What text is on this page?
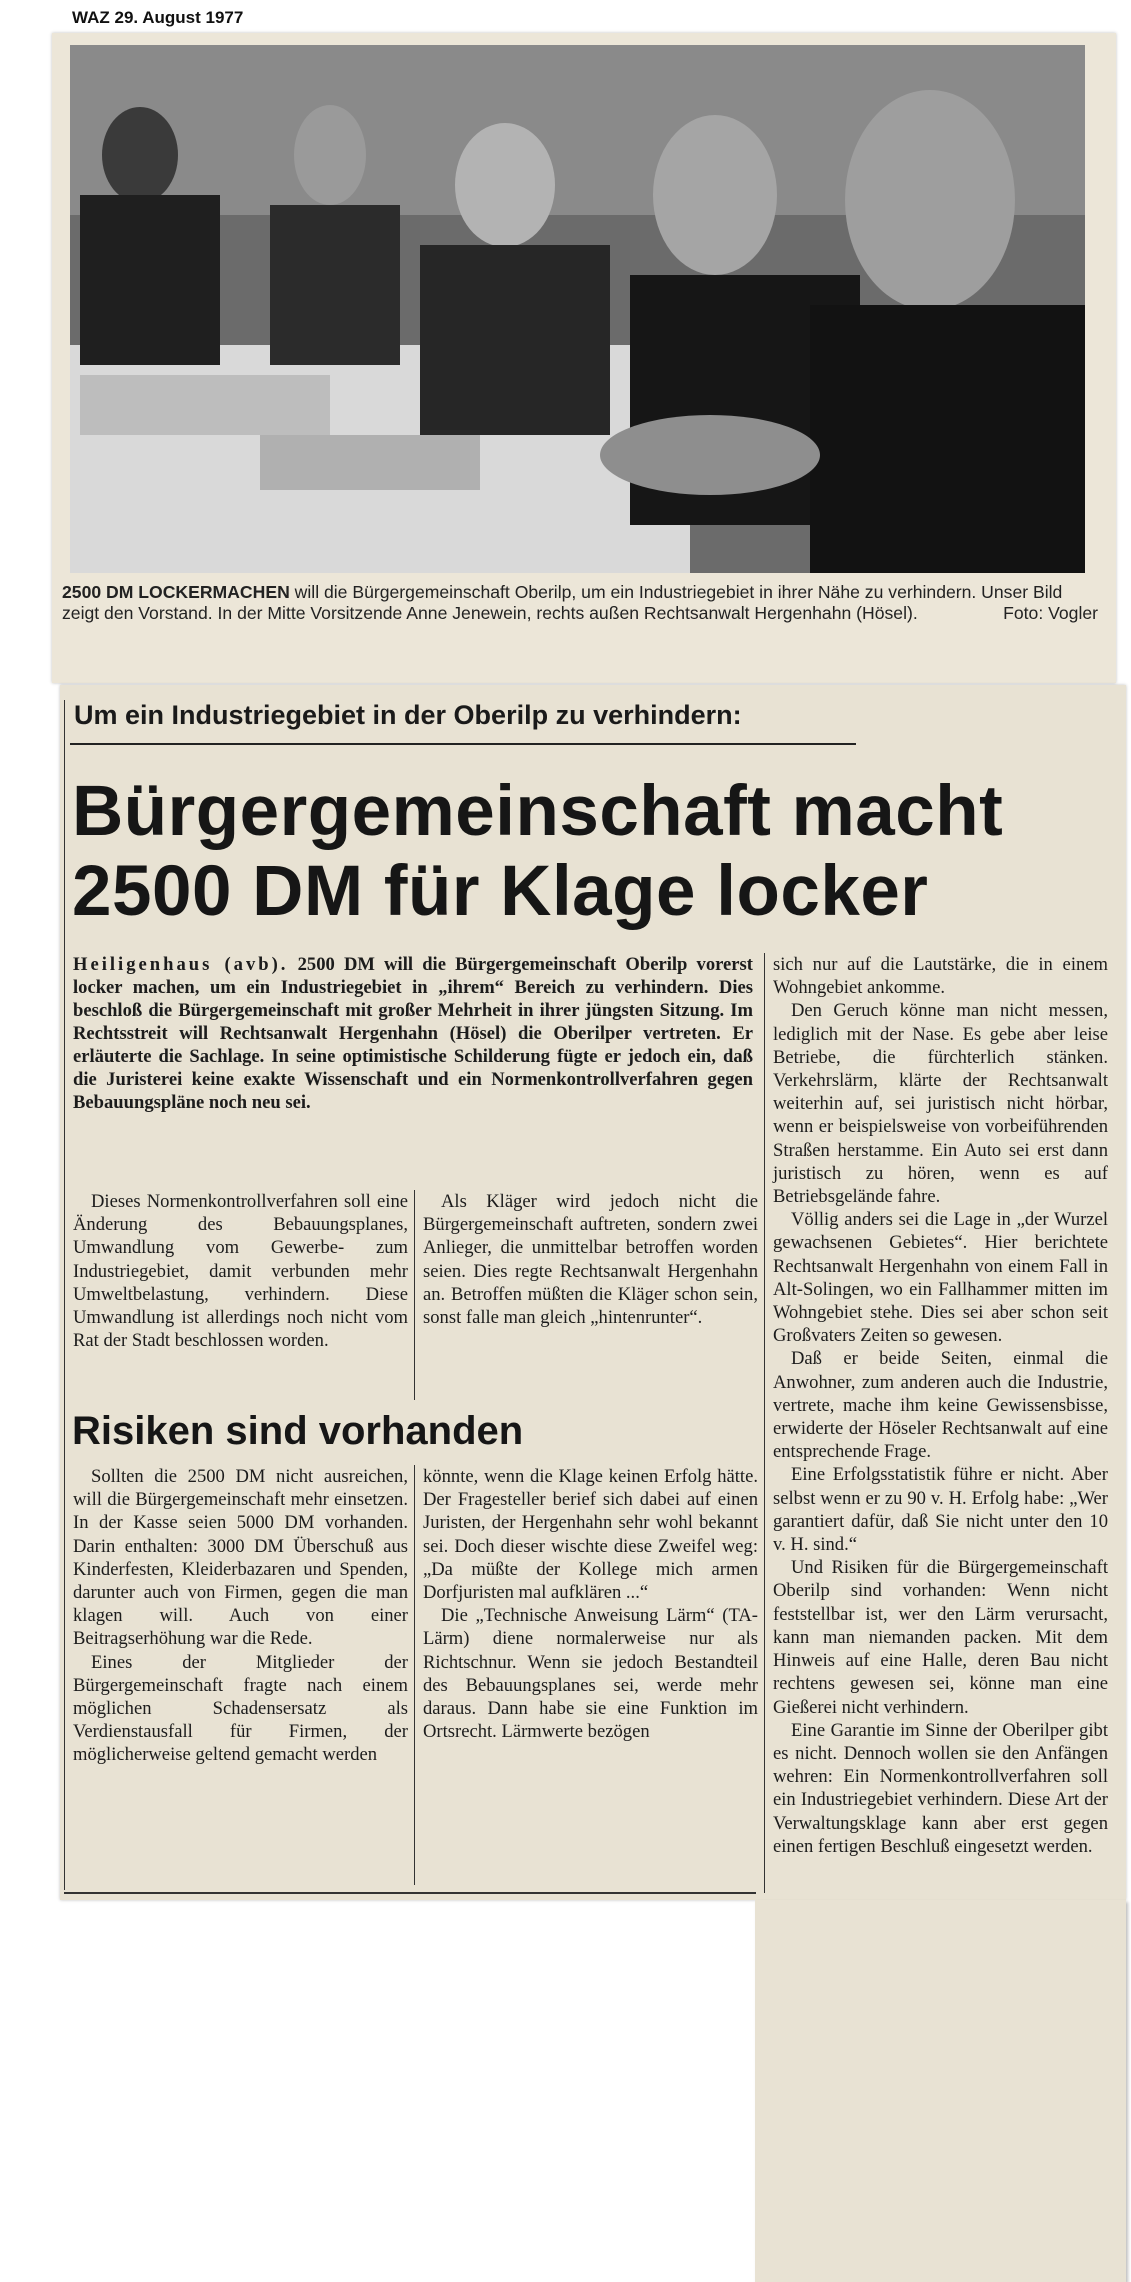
WAZ 29. August 1977
2500 DM LOCKERMACHEN will die Bürgergemeinschaft Oberilp, um ein Industriegebiet in ihrer Nähe zu verhindern. Unser Bild zeigt den Vorstand. In der Mitte Vorsitzende Anne Jenewein, rechts außen Rechtsanwalt Hergenhahn (Hösel).	Foto: Vogler
Um ein Industriegebiet in der Oberilp zu verhindern:
Bürgergemeinschaft macht
2500 DM für Klage locker
Heiligenhaus (avb). 2500 DM will die Bürgergemeinschaft Oberilp vorerst locker machen, um ein Industriegebiet in „ihrem“ Bereich zu verhindern. Dies beschloß die Bürgergemeinschaft mit großer Mehrheit in ihrer jüngsten Sitzung. Im Rechtsstreit will Rechtsanwalt Hergenhahn (Hösel) die Oberilper vertreten. Er erläuterte die Sachlage. In seine optimistische Schilderung fügte er jedoch ein, daß die Juristerei keine exakte Wissenschaft und ein Normenkontrollverfahren gegen Bebauungspläne noch neu sei.

Dieses Normenkontrollverfahren soll eine Änderung des Bebauungsplanes, Umwandlung vom Gewerbe- zum Industriegebiet, damit verbunden mehr Umweltbelastung, verhindern. Diese Umwandlung ist allerdings noch nicht vom Rat der Stadt beschlossen worden.

Als Kläger wird jedoch nicht die Bürgergemeinschaft auftreten, sondern zwei Anlieger, die unmittelbar betroffen worden seien. Dies regte Rechtsanwalt Hergenhahn an. Betroffen müßten die Kläger schon sein, sonst falle man gleich „hintenrunter“.

Risiken sind vorhanden

Sollten die 2500 DM nicht ausreichen, will die Bürgergemeinschaft mehr einsetzen. In der Kasse seien 5000 DM vorhanden. Darin enthalten: 3000 DM Überschuß aus Kinderfesten, Kleiderbazaren und Spenden, darunter auch von Firmen, gegen die man klagen will. Auch von einer Beitragserhöhung war die Rede.

Eines der Mitglieder der Bürgergemeinschaft fragte nach einem möglichen Schadensersatz als Verdienstausfall für Firmen, der möglicherweise geltend gemacht werden

könnte, wenn die Klage keinen Erfolg hätte. Der Fragesteller berief sich dabei auf einen Juristen, der Hergenhahn sehr wohl bekannt sei. Doch dieser wischte diese Zweifel weg: „Da müßte der Kollege mich armen Dorfjuristen mal aufklären ...“

Die „Technische Anweisung Lärm“ (TA-Lärm) diene normalerweise nur als Richtschnur. Wenn sie jedoch Bestandteil des Bebauungsplanes sei, werde mehr daraus. Dann habe sie eine Funktion im Ortsrecht. Lärmwerte bezögen

sich nur auf die Lautstärke, die in einem Wohngebiet ankomme.

Den Geruch könne man nicht messen, lediglich mit der Nase. Es gebe aber leise Betriebe, die fürchterlich stänken. Verkehrslärm, klärte der Rechtsanwalt weiterhin auf, sei juristisch nicht hörbar, wenn er beispielsweise von vorbeiführenden Straßen herstamme. Ein Auto sei erst dann juristisch zu hören, wenn es auf Betriebsgelände fahre.

Völlig anders sei die Lage in „der Wurzel gewachsenen Gebietes“. Hier berichtete Rechtsanwalt Hergenhahn von einem Fall in Alt-Solingen, wo ein Fallhammer mitten im Wohngebiet stehe. Dies sei aber schon seit Großvaters Zeiten so gewesen.

Daß er beide Seiten, einmal die Anwohner, zum anderen auch die Industrie, vertrete, mache ihm keine Gewissensbisse, erwiderte der Höseler Rechtsanwalt auf eine entsprechende Frage.

Eine Erfolgsstatistik führe er nicht. Aber selbst wenn er zu 90 v. H. Erfolg habe: „Wer garantiert dafür, daß Sie nicht unter den 10 v. H. sind.“

Und Risiken für die Bürgergemeinschaft Oberilp sind vorhanden: Wenn nicht feststellbar ist, wer den Lärm verursacht, kann man niemanden packen. Mit dem Hinweis auf eine Halle, deren Bau nicht rechtens gewesen sei, könne man eine Gießerei nicht verhindern.

Eine Garantie im Sinne der Oberilper gibt es nicht. Dennoch wollen sie den Anfängen wehren: Ein Normenkontrollverfahren soll ein Industriegebiet verhindern. Diese Art der Verwaltungsklage kann aber erst gegen einen fertigen Beschluß eingesetzt werden.
